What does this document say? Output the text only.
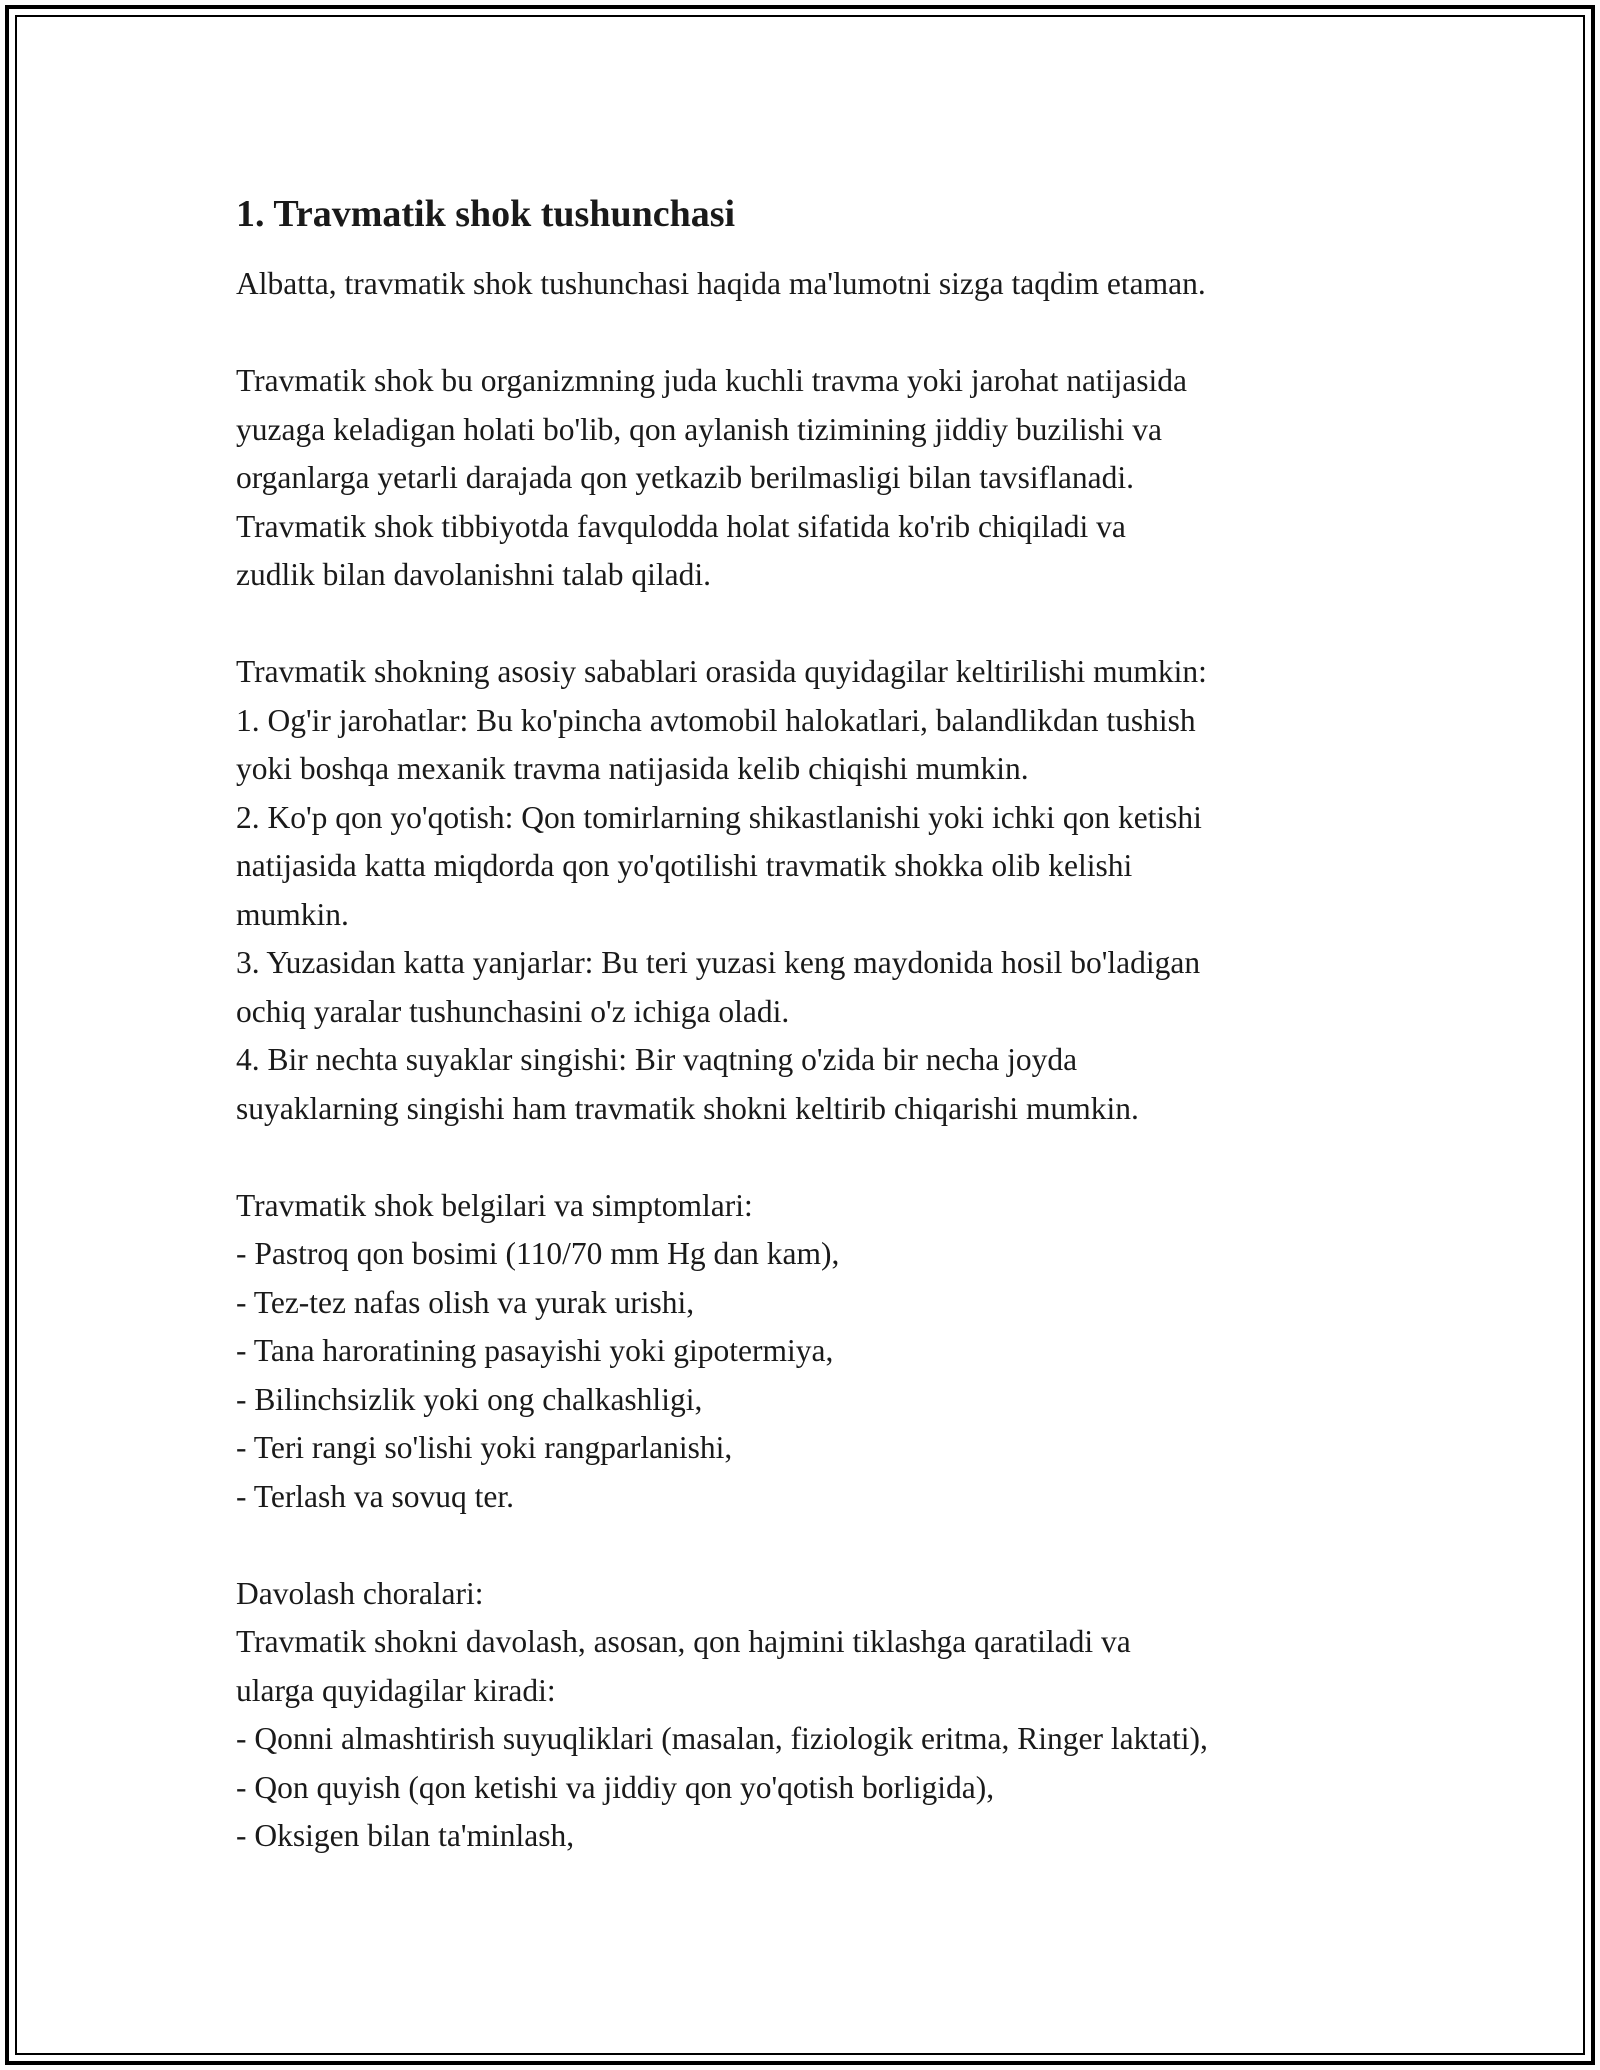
1. Travmatik shok tushunchasi

Albatta, travmatik shok tushunchasi haqida ma'lumotni sizga taqdim etaman.

Travmatik shok bu organizmning juda kuchli travma yoki jarohat natijasida
yuzaga keladigan holati bo'lib, qon aylanish tizimining jiddiy buzilishi va
organlarga yetarli darajada qon yetkazib berilmasligi bilan tavsiflanadi.
Travmatik shok tibbiyotda favqulodda holat sifatida ko'rib chiqiladi va
zudlik bilan davolanishni talab qiladi.

Travmatik shokning asosiy sabablari orasida quyidagilar keltirilishi mumkin:
1. Og'ir jarohatlar: Bu ko'pincha avtomobil halokatlari, balandlikdan tushish
yoki boshqa mexanik travma natijasida kelib chiqishi mumkin.
2. Ko'p qon yo'qotish: Qon tomirlarning shikastlanishi yoki ichki qon ketishi
natijasida katta miqdorda qon yo'qotilishi travmatik shokka olib kelishi
mumkin.
3. Yuzasidan katta yanjarlar: Bu teri yuzasi keng maydonida hosil bo'ladigan
ochiq yaralar tushunchasini o'z ichiga oladi.
4. Bir nechta suyaklar singishi: Bir vaqtning o'zida bir necha joyda
suyaklarning singishi ham travmatik shokni keltirib chiqarishi mumkin.

Travmatik shok belgilari va simptomlari:
- Pastroq qon bosimi (110/70 mm Hg dan kam),
- Tez-tez nafas olish va yurak urishi,
- Tana haroratining pasayishi yoki gipotermiya,
- Bilinchsizlik yoki ong chalkashligi,
- Teri rangi so'lishi yoki rangparlanishi,
- Terlash va sovuq ter.

Davolash choralari:
Travmatik shokni davolash, asosan, qon hajmini tiklashga qaratiladi va
ularga quyidagilar kiradi:
- Qonni almashtirish suyuqliklari (masalan, fiziologik eritma, Ringer laktati),
- Qon quyish (qon ketishi va jiddiy qon yo'qotish borligida),
- Oksigen bilan ta'minlash,
